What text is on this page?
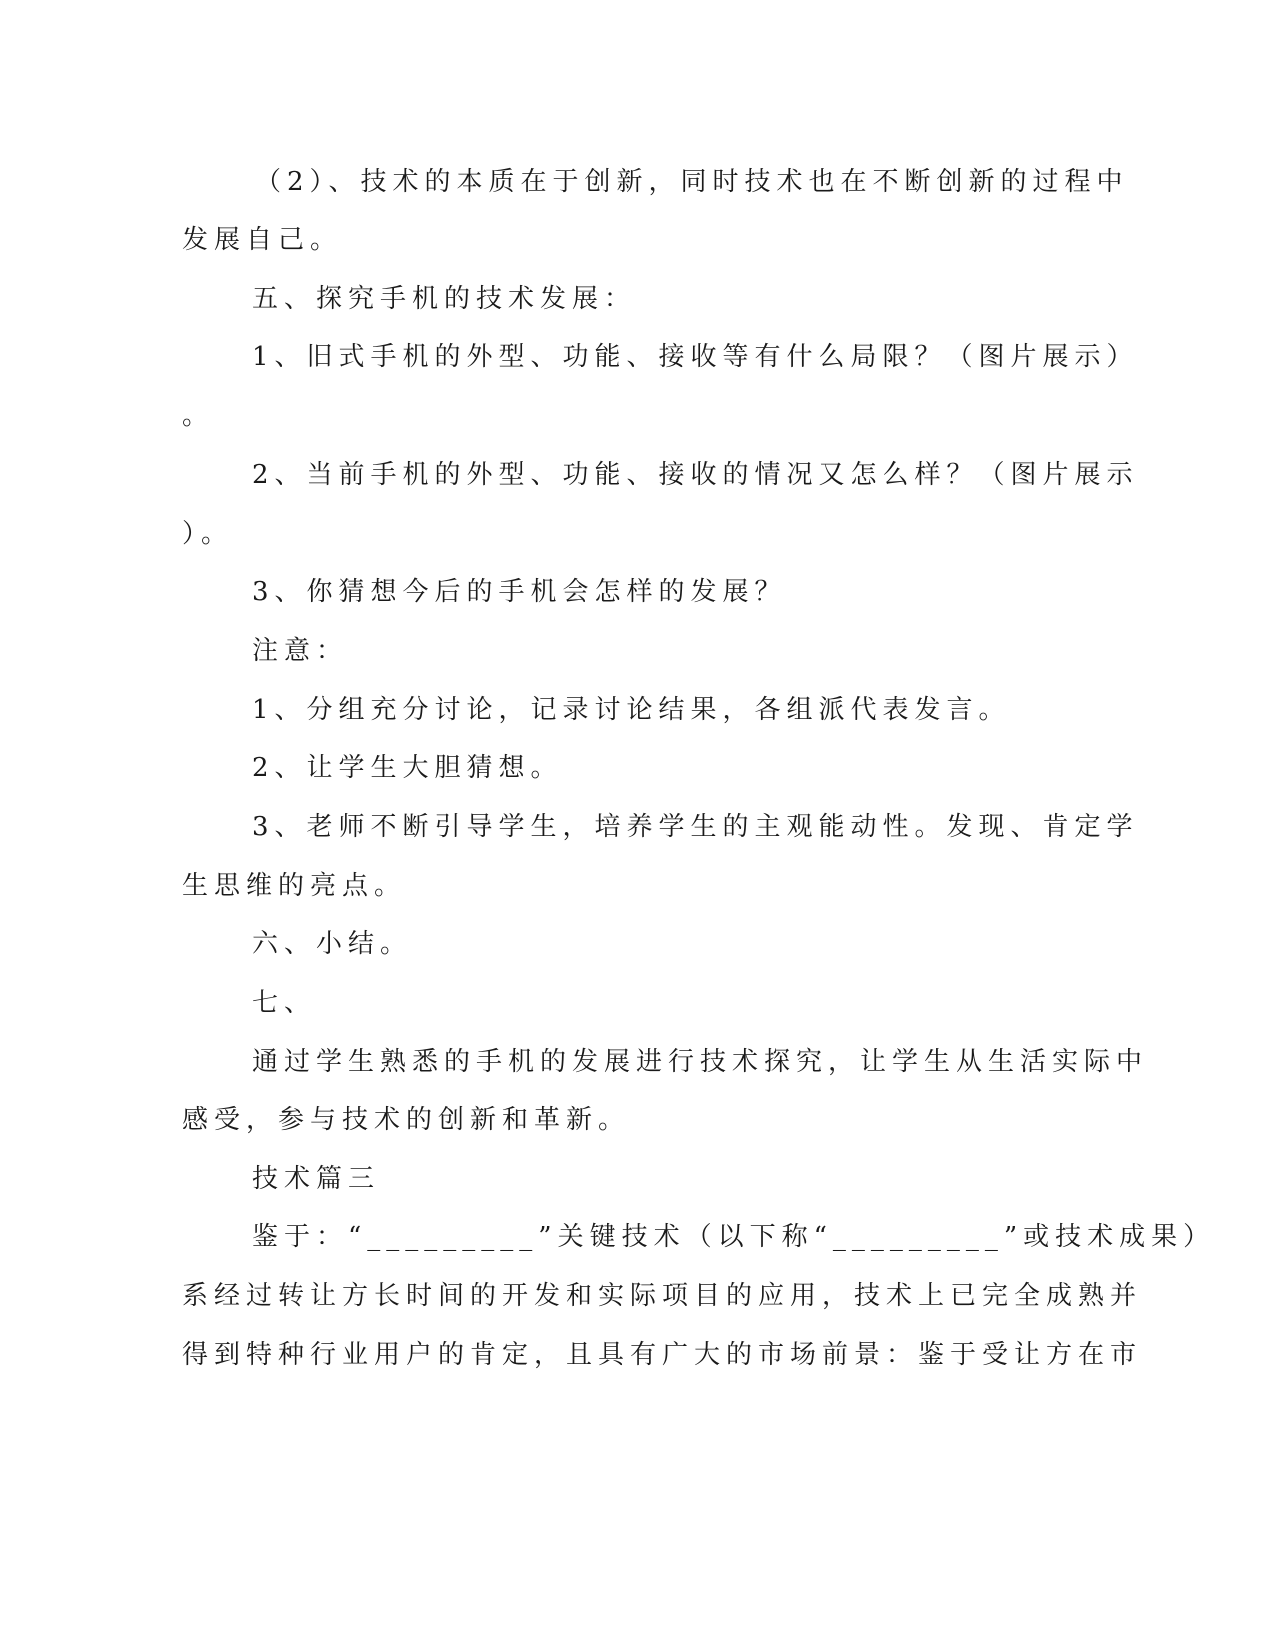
（2）、技术的本质在于创新，同时技术也在不断创新的过程中
发展自己。
五、探究手机的技术发展：
1、旧式手机的外型、功能、接收等有什么局限？（图片展示）
。
2、当前手机的外型、功能、接收的情况又怎么样？（图片展示
）。
3、你猜想今后的手机会怎样的发展？
注意：
1、分组充分讨论，记录讨论结果，各组派代表发言。
2、让学生大胆猜想。
3、老师不断引导学生，培养学生的主观能动性。发现、肯定学
生思维的亮点。
六、小结。
七、
通过学生熟悉的手机的发展进行技术探究，让学生从生活实际中
感受，参与技术的创新和革新。
技术篇三
鉴于：“_________”关键技术（以下称“_________”或技术成果）
系经过转让方长时间的开发和实际项目的应用，技术上已完全成熟并
得到特种行业用户的肯定，且具有广大的市场前景：鉴于受让方在市
